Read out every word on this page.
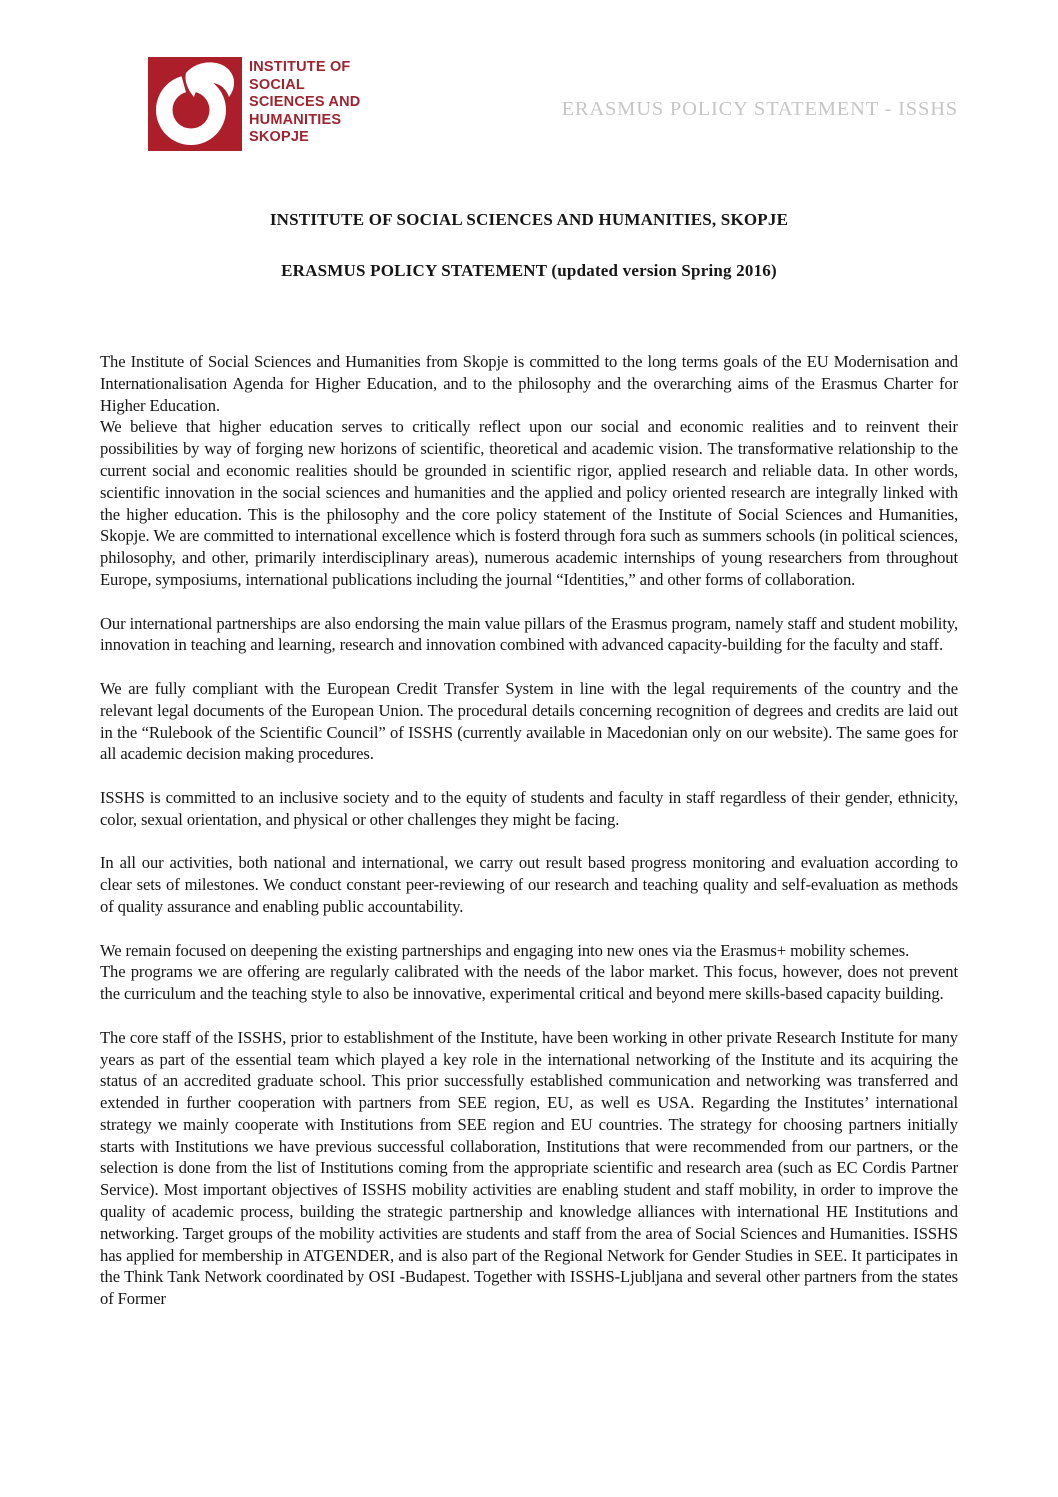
INSTITUTE OF
SOCIAL
SCIENCES AND
HUMANITIES
SKOPJE
ERASMUS POLICY STATEMENT - ISSHS
INSTITUTE OF SOCIAL SCIENCES AND HUMANITIES, SKOPJE
ERASMUS POLICY STATEMENT (updated version Spring 2016)

The Institute of Social Sciences and Humanities from Skopje is committed to the long terms goals of the EU Modernisation and Internationalisation Agenda for Higher Education, and to the philosophy and the overarching aims of the Erasmus Charter for Higher Education.

We believe that higher education serves to critically reflect upon our social and economic realities and to reinvent their possibilities by way of forging new horizons of scientific, theoretical and academic vision. The transformative relationship to the current social and economic realities should be grounded in scientific rigor, applied research and reliable data. In other words, scientific innovation in the social sciences and humanities and the applied and policy oriented research are integrally linked with the higher education. This is the philosophy and the core policy statement of the Institute of Social Sciences and Humanities, Skopje. We are committed to international excellence which is fosterd through fora such as summers schools (in political sciences, philosophy, and other, primarily interdisciplinary areas), numerous academic internships of young researchers from throughout Europe, symposiums, international publications including the journal “Identities,” and other forms of collaboration.

Our international partnerships are also endorsing the main value pillars of the Erasmus program, namely staff and student mobility, innovation in teaching and learning, research and innovation combined with advanced capacity-building for the faculty and staff.

We are fully compliant with the European Credit Transfer System in line with the legal requirements of the country and the relevant legal documents of the European Union. The procedural details concerning recognition of degrees and credits are laid out in the “Rulebook of the Scientific Council” of ISSHS (currently available in Macedonian only on our website). The same goes for all academic decision making procedures.

ISSHS is committed to an inclusive society and to the equity of students and faculty in staff regardless of their gender, ethnicity, color, sexual orientation, and physical or other challenges they might be facing.

In all our activities, both national and international, we carry out result based progress monitoring and evaluation according to clear sets of milestones. We conduct constant peer-reviewing of our research and teaching quality and self-evaluation as methods of quality assurance and enabling public accountability.

We remain focused on deepening the existing partnerships and engaging into new ones via the Erasmus+ mobility schemes.

The programs we are offering are regularly calibrated with the needs of the labor market. This focus, however, does not prevent the curriculum and the teaching style to also be innovative, experimental critical and beyond mere skills-based capacity building.

The core staff of the ISSHS, prior to establishment of the Institute, have been working in other private Research Institute for many years as part of the essential team which played a key role in the international networking of the Institute and its acquiring the status of an accredited graduate school. This prior successfully established communication and networking was transferred and extended in further cooperation with partners from SEE region, EU, as well es USA. Regarding the Institutes’ international strategy we mainly cooperate with Institutions from SEE region and EU countries. The strategy for choosing partners initially starts with Institutions we have previous successful collaboration, Institutions that were recommended from our partners, or the selection is done from the list of Institutions coming from the appropriate scientific and research area (such as EC Cordis Partner Service). Most important objectives of ISSHS mobility activities are enabling student and staff mobility, in order to improve the quality of academic process, building the strategic partnership and knowledge alliances with international HE Institutions and networking. Target groups of the mobility activities are students and staff from the area of Social Sciences and Humanities. ISSHS has applied for membership in ATGENDER, and is also part of the Regional Network for Gender Studies in SEE. It participates in the Think Tank Network coordinated by OSI -Budapest. Together with ISSHS-Ljubljana and several other partners from the states of Former
